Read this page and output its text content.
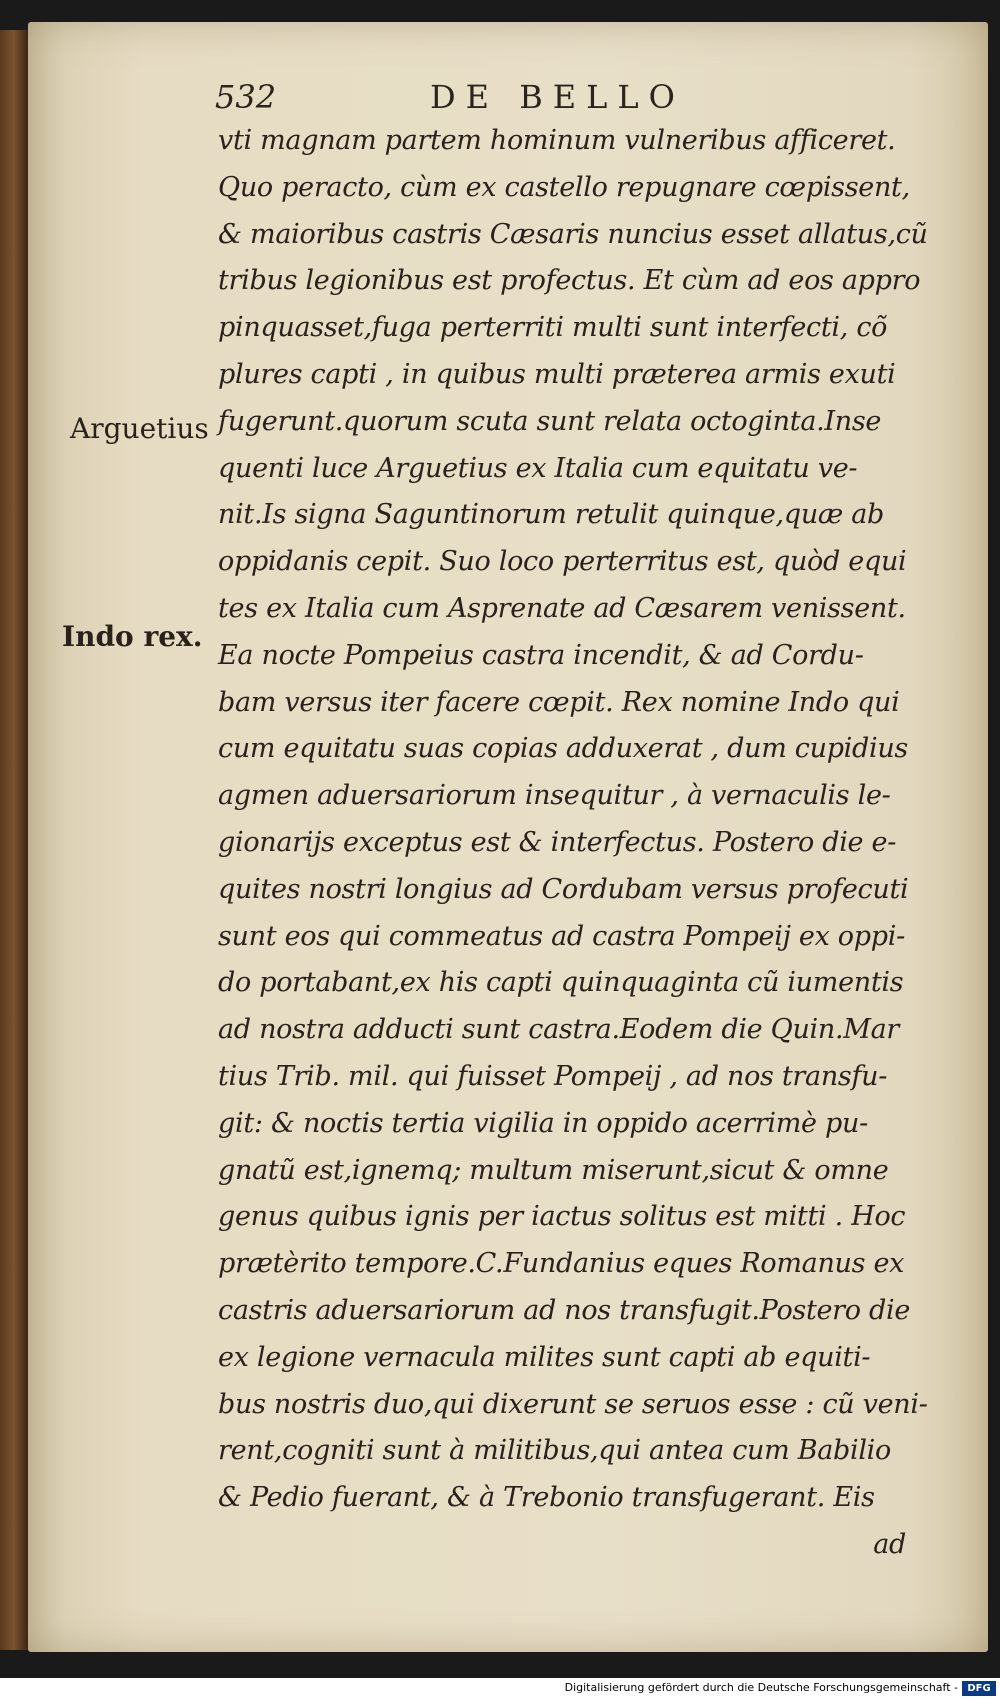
532	DE BELLO
Arguetius
Indo rex.
vti magnam partem hominum vulneribus afficeret.
Quo peracto, cùm ex castello repugnare cœpissent,
& maioribus castris Cæsaris nuncius esset allatus,cũ
tribus legionibus est profectus. Et cùm ad eos appro
pinquasset,fuga perterriti multi sunt interfecti, cõ
plures capti , in quibus multi præterea armis exuti
fugerunt.quorum scuta sunt relata octoginta.Inse
quenti luce Arguetius ex Italia cum equitatu ve-
nit.Is signa Saguntinorum retulit quinque,quæ ab
oppidanis cepit. Suo loco perterritus est, quòd equi
tes ex Italia cum Asprenate ad Cæsarem venissent.
Ea nocte Pompeius castra incendit, & ad Cordu-
bam versus iter facere cœpit. Rex nomine Indo qui
cum equitatu suas copias adduxerat , dum cupidius
agmen aduersariorum insequitur , à vernaculis le-
gionarijs exceptus est & interfectus. Postero die e-
quites nostri longius ad Cordubam versus profecuti
sunt eos qui commeatus ad castra Pompeij ex oppi-
do portabant,ex his capti quinquaginta cũ iumentis
ad nostra adducti sunt castra.Eodem die Quin.Mar
tius Trib. mil. qui fuisset Pompeij , ad nos transfu-
git: & noctis tertia vigilia in oppido acerrimè pu-
gnatũ est,ignemq; multum miserunt,sicut & omne
genus quibus ignis per iactus solitus est mitti . Hoc
prætèrito tempore.C.Fundanius eques Romanus ex
castris aduersariorum ad nos transfugit.Postero die
ex legione vernacula milites sunt capti ab equiti-
bus nostris duo,qui dixerunt se seruos esse : cũ veni-
rent,cogniti sunt à militibus,qui antea cum Babilio
& Pedio fuerant, & à Trebonio transfugerant. Eis
ad
Digitalisierung gefördert durch die Deutsche Forschungsgemeinschaft - DFG
